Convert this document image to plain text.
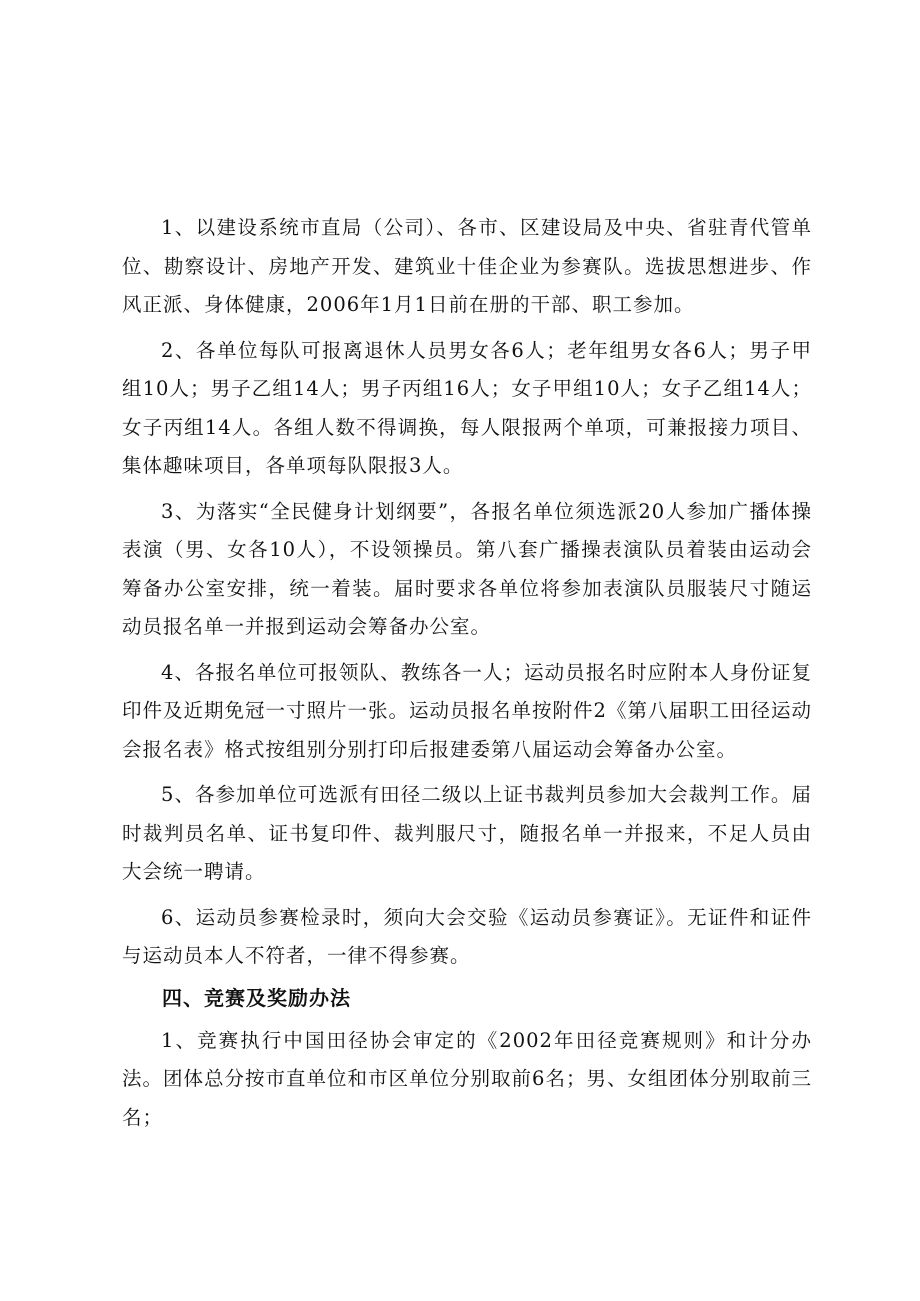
1、以建设系统市直局（公司）、各市、区建设局及中央、省驻青代管单位、勘察设计、房地产开发、建筑业十佳企业为参赛队。选拔思想进步、作风正派、身体健康，2006年1月1日前在册的干部、职工参加。

2、各单位每队可报离退休人员男女各6人；老年组男女各6人；男子甲组10人；男子乙组14人；男子丙组16人；女子甲组10人；女子乙组14人；女子丙组14人。各组人数不得调换，每人限报两个单项，可兼报接力项目、集体趣味项目，各单项每队限报3人。

3、为落实“全民健身计划纲要”，各报名单位须选派20人参加广播体操表演（男、女各10人），不设领操员。第八套广播操表演队员着装由运动会筹备办公室安排，统一着装。届时要求各单位将参加表演队员服装尺寸随运动员报名单一并报到运动会筹备办公室。

4、各报名单位可报领队、教练各一人；运动员报名时应附本人身份证复印件及近期免冠一寸照片一张。运动员报名单按附件2《第八届职工田径运动会报名表》格式按组别分别打印后报建委第八届运动会筹备办公室。

5、各参加单位可选派有田径二级以上证书裁判员参加大会裁判工作。届时裁判员名单、证书复印件、裁判服尺寸，随报名单一并报来，不足人员由大会统一聘请。

6、运动员参赛检录时，须向大会交验《运动员参赛证》。无证件和证件与运动员本人不符者，一律不得参赛。

四、竞赛及奖励办法

1、竞赛执行中国田径协会审定的《2002年田径竞赛规则》和计分办法。团体总分按市直单位和市区单位分别取前6名；男、女组团体分别取前三名；
